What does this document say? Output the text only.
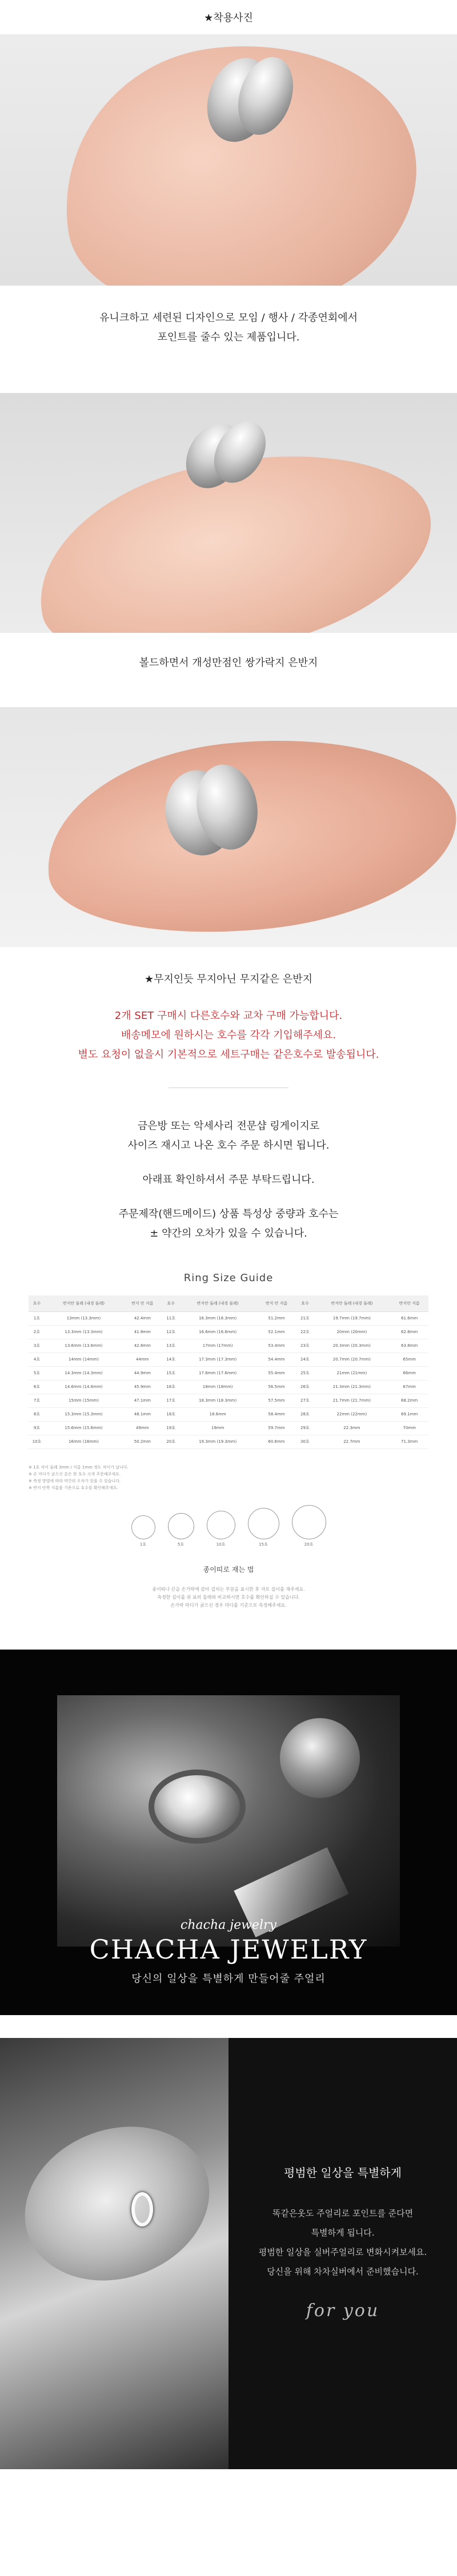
★착용사진
유니크하고 세련된 디자인으로 모임 / 행사 / 각종연회에서
포인트를 줄수 있는 제품입니다.
볼드하면서 개성만점인 쌍가락지 은반지
★무지인듯 무지아닌 무지같은 은반지
2개 SET 구매시 다른호수와 교차 구매 가능합니다.
배송메모에 원하시는 호수를 각각 기입해주세요.
별도 요청이 없을시 기본적으로 세트구매는 같은호수로 발송됩니다.
금은방 또는 악세사리 전문샵 링게이지로
사이즈 재시고 나온 호수 주문 하시면 됩니다.
아래표 확인하셔서 주문 부탁드립니다.
주문제작(핸드메이드) 상품 특성상 중량과 호수는
± 약간의 오차가 있을 수 있습니다.
Ring Size Guide
호수	반지안 둘레 (내경 둘레)	반지 안 지름	호수	반지안 둘레 (내경 둘레)	반지 안 지름	호수	반지안 둘레 (내경 둘레)	반지안 지름
1호	13mm (13.3mm)	42.4mm	11호	16.3mm (16.3mm)	51.2mm	21호	19.7mm (19.7mm)	61.6mm
2호	13.3mm (13.3mm)	41.8mm	12호	16.6mm (16.6mm)	52.1mm	22호	20mm (20mm)	62.8mm
3호	13.6mm (13.6mm)	42.8mm	13호	17mm (17mm)	53.4mm	23호	20.3mm (20.3mm)	63.8mm
4호	14mm (14mm)	44mm	14호	17.3mm (17.3mm)	54.4mm	24호	20.7mm (20.7mm)	65mm
5호	14.3mm (14.3mm)	44.9mm	15호	17.6mm (17.6mm)	55.4mm	25호	21mm (21mm)	66mm
6호	14.6mm (14.6mm)	45.9mm	16호	18mm (18mm)	56.5mm	26호	21.3mm (21.3mm)	67mm
7호	15mm (15mm)	47.1mm	17호	18.3mm (18.3mm)	57.5mm	27호	21.7mm (21.7mm)	68.2mm
8호	15.3mm (15.3mm)	48.1mm	18호	18.6mm	58.4mm	28호	22mm (22mm)	69.1mm
9호	15.6mm (15.6mm)	49mm	19호	19mm	59.7mm	29호	22.3mm	70mm
10호	16mm (16mm)	50.2mm	20호	19.3mm (19.3mm)	60.6mm	30호	22.7mm	71.3mm
※ 1호 차이 둘레 3mm / 지름 1mm 정도 차이가 납니다.
※ 손 마디가 굵으신 분은 한 호수 크게 주문해주세요.
※ 측정 방법에 따라 약간의 오차가 있을 수 있습니다.
※ 반지 안쪽 지름을 기준으로 호수를 확인해주세요.
1호	5호	10호	15호	20호
종이띠로 재는 법
종이띠나 끈을 손가락에 감아 겹치는 부분을 표시한 후 자로 길이를 재주세요.
측정한 길이를 위 표의 둘레와 비교하시면 호수를 확인하실 수 있습니다.
손가락 마디가 굵으신 경우 마디를 기준으로 측정해주세요.
chacha jewelry
CHACHA JEWELRY
당신의 일상을 특별하게 만들어줄 주얼리
평범한 일상을 특별하게
똑같은옷도 주얼리로 포인트를 준다면
특별하게 됩니다.
평범한 일상을 실버주얼리로 변화시켜보세요.
당신을 위해 차차실버에서 준비했습니다.
for you
